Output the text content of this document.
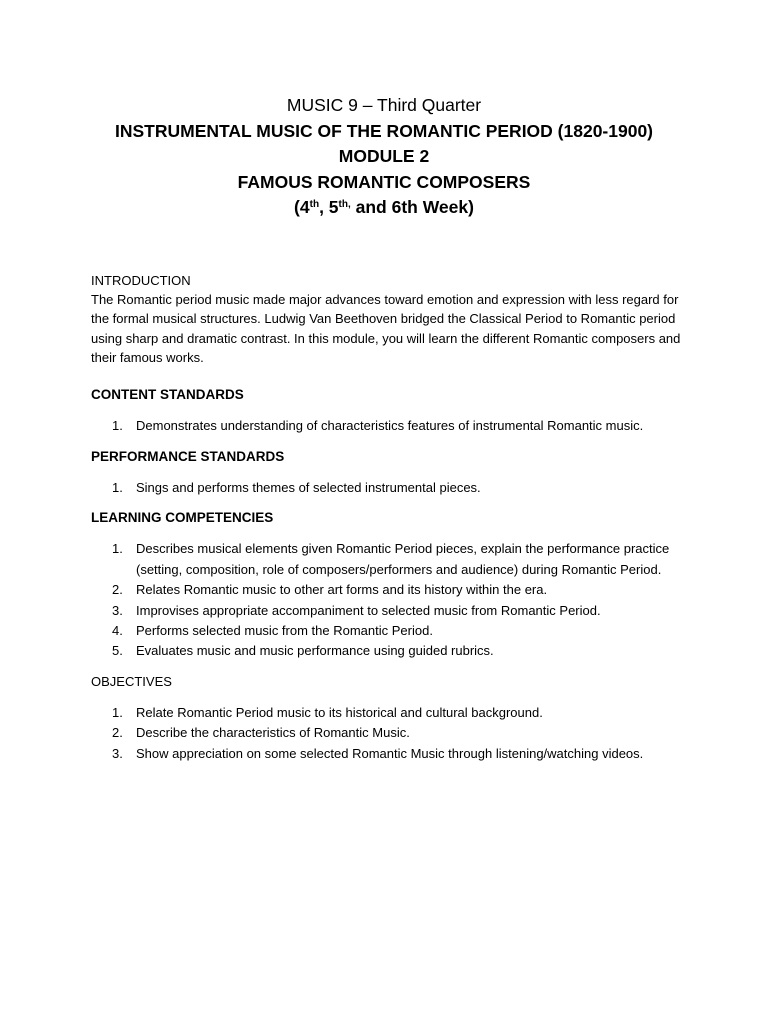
MUSIC 9 – Third Quarter
INSTRUMENTAL MUSIC OF THE ROMANTIC PERIOD (1820-1900)
MODULE 2
FAMOUS ROMANTIC COMPOSERS
(4th, $5^{th,}$ and 6th Week)

INTRODUCTION

The Romantic period music made major advances toward emotion and expression with less regard for the formal musical structures. Ludwig Van Beethoven bridged the Classical Period to Romantic period using sharp and dramatic contrast. In this module, you will learn the different Romantic composers and their famous works.

CONTENT STANDARDS

1. Demonstrates understanding of characteristics features of instrumental Romantic music.

PERFORMANCE STANDARDS

1. Sings and performs themes of selected instrumental pieces.

LEARNING COMPETENCIES

1. Describes musical elements given Romantic Period pieces, explain the performance practice (setting, composition, role of composers/performers and audience) during Romantic Period.
2. Relates Romantic music to other art forms and its history within the era.
3. Improvises appropriate accompaniment to selected music from Romantic Period.
4. Performs selected music from the Romantic Period.
5. Evaluates music and music performance using guided rubrics.

OBJECTIVES

1. Relate Romantic Period music to its historical and cultural background.
2. Describe the characteristics of Romantic Music.
3. Show appreciation on some selected Romantic Music through listening/watching videos.
